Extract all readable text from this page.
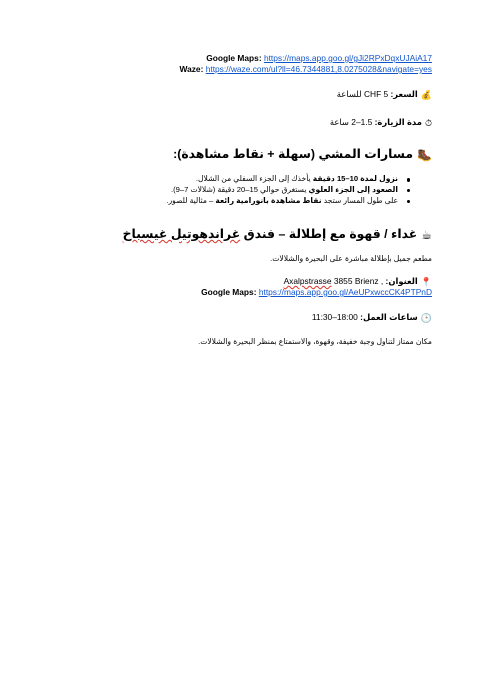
Google Maps: https://maps.app.goo.gl/gJi2RPxDqxUJAiA17
Waze: https://waze.com/ul?ll=46.7344881,8.0275028&navigate=yes
💰السعر: 5 CHF للساعة
⏱مدة الزيارة: 1.5–2 ساعة
🥾مسارات المشي (سهلة + نقاط مشاهدة):
نزول لمدة 10–15 دقيقة يأخذك إلى الجزء السفلي من الشلال.
الصعود إلى الجزء العلوي يستغرق حوالي 15–20 دقيقة (شلالات 7–9).
على طول المسار ستجد نقاط مشاهدة بانورامية رائعة – مثالية للصور.
☕غداء / قهوة مع إطلالة – فندق غراندهوتيل غيسباخ
مطعم جميل بإطلالة مباشرة على البحيرة والشلالات.
📍العنوان: Axalpstrasse 3855 Brienz ,
Google Maps: https://maps.app.goo.gl/AeUPxwccCK4PTPnD
🕒ساعات العمل: 11:30–18:00
مكان ممتاز لتناول وجبة خفيفة، وقهوة، والاستمتاع بمنظر البحيرة والشلالات.
